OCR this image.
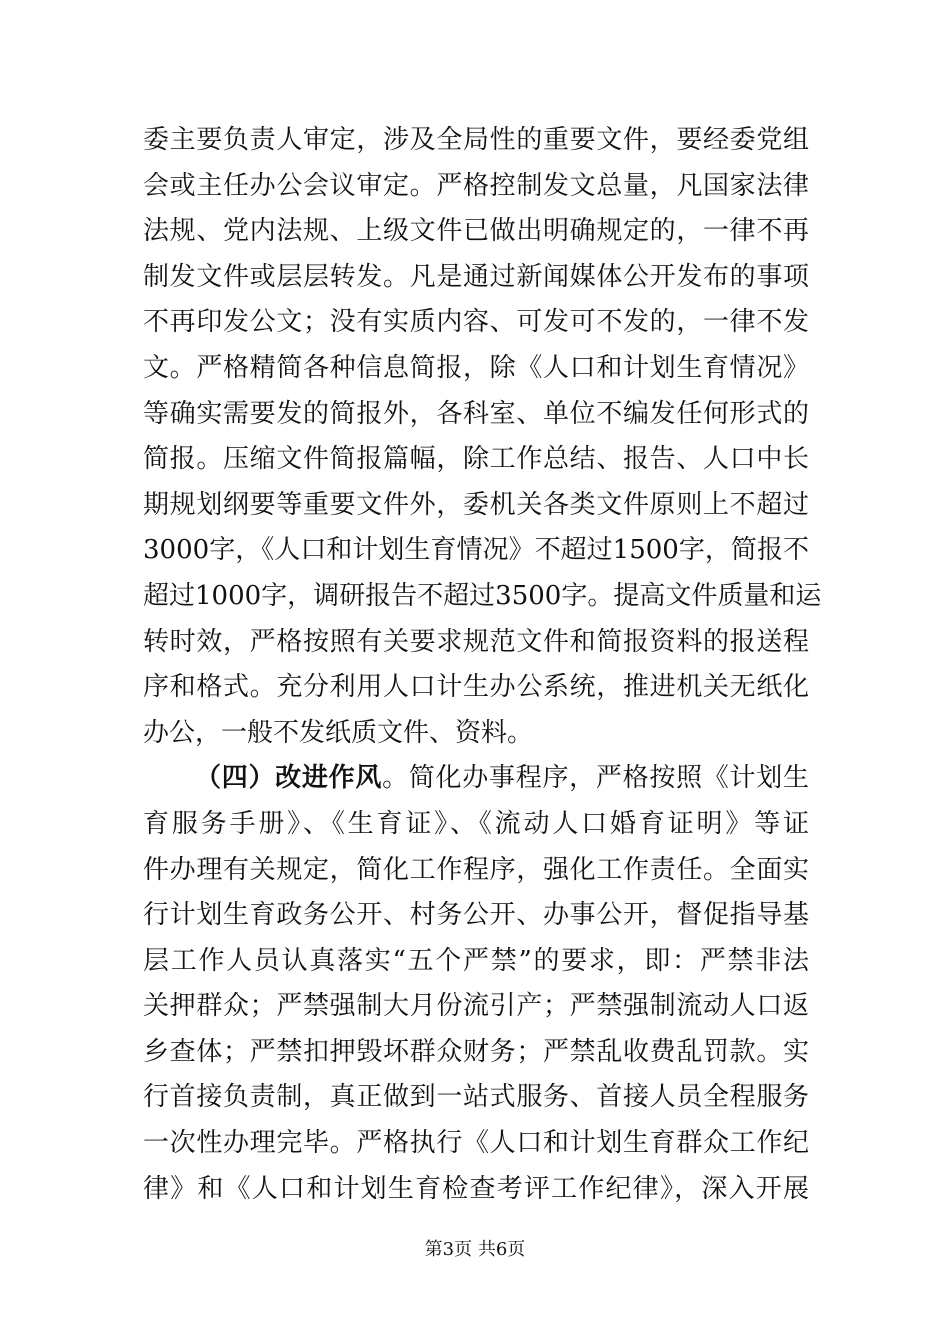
委主要负责人审定，涉及全局性的重要文件，要经委党组
会或主任办公会议审定。严格控制发文总量，凡国家法律
法规、党内法规、上级文件已做出明确规定的，一律不再
制发文件或层层转发。凡是通过新闻媒体公开发布的事项
不再印发公文；没有实质内容、可发可不发的，一律不发
文。严格精简各种信息简报，除《人口和计划生育情况》
等确实需要发的简报外，各科室、单位不编发任何形式的
简报。压缩文件简报篇幅，除工作总结、报告、人口中长
期规划纲要等重要文件外，委机关各类文件原则上不超过
3000字，《人口和计划生育情况》不超过1500字，简报不
超过1000字，调研报告不超过3500字。提高文件质量和运
转时效，严格按照有关要求规范文件和简报资料的报送程
序和格式。充分利用人口计生办公系统，推进机关无纸化
办公，一般不发纸质文件、资料。
（四）改进作风。简化办事程序，严格按照《计划生
育服务手册》、《生育证》、《流动人口婚育证明》等证
件办理有关规定，简化工作程序，强化工作责任。全面实
行计划生育政务公开、村务公开、办事公开，督促指导基
层工作人员认真落实“五个严禁”的要求，即：严禁非法
关押群众；严禁强制大月份流引产；严禁强制流动人口返
乡查体；严禁扣押毁坏群众财务；严禁乱收费乱罚款。实
行首接负责制，真正做到一站式服务、首接人员全程服务
一次性办理完毕。严格执行《人口和计划生育群众工作纪
律》和《人口和计划生育检查考评工作纪律》，深入开展
第3页 共6页
